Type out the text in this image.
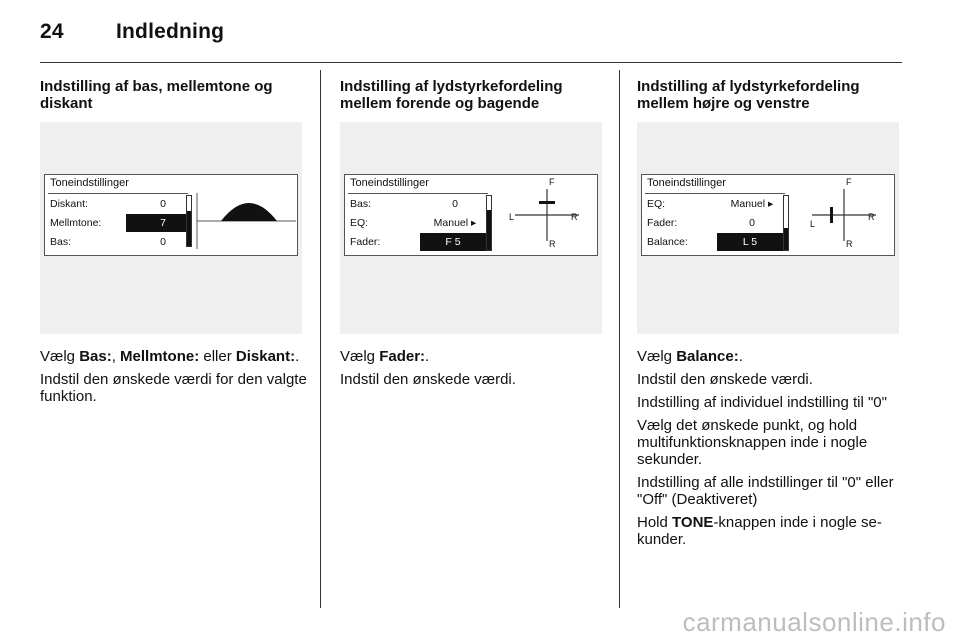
24 Indledning
Indstilling af bas, mellemtone og diskant
Toneindstillinger
Diskant:	0
Mellmtone:	7
Bas:	0

Vælg Bas:, Mellmtone: eller Diskant:.

Indstil den ønskede værdi for den valgte funktion.

Indstilling af lydstyrkefordeling mellem forende og bagende
Toneindstillinger
Bas:	0
EQ:	Manuel ▸
Fader:	F 5
F
R
L	R

Vælg Fader:.

Indstil den ønskede værdi.

Indstilling af lydstyrkefordeling mellem højre og venstre
Toneindstillinger
EQ:	Manuel ▸
Fader:	0
Balance:	L 5
F
R
L
R

Vælg Balance:.

Indstil den ønskede værdi.

Indstilling af individuel indstilling til "0"

Vælg det ønskede punkt, og hold multifunktionsknappen inde i nogle sekunder.

Indstilling af alle indstillinger til "0" eller "Off" (Deaktiveret)

Hold TONE-knappen inde i nogle se-kunder.

carmanualsonline.info
